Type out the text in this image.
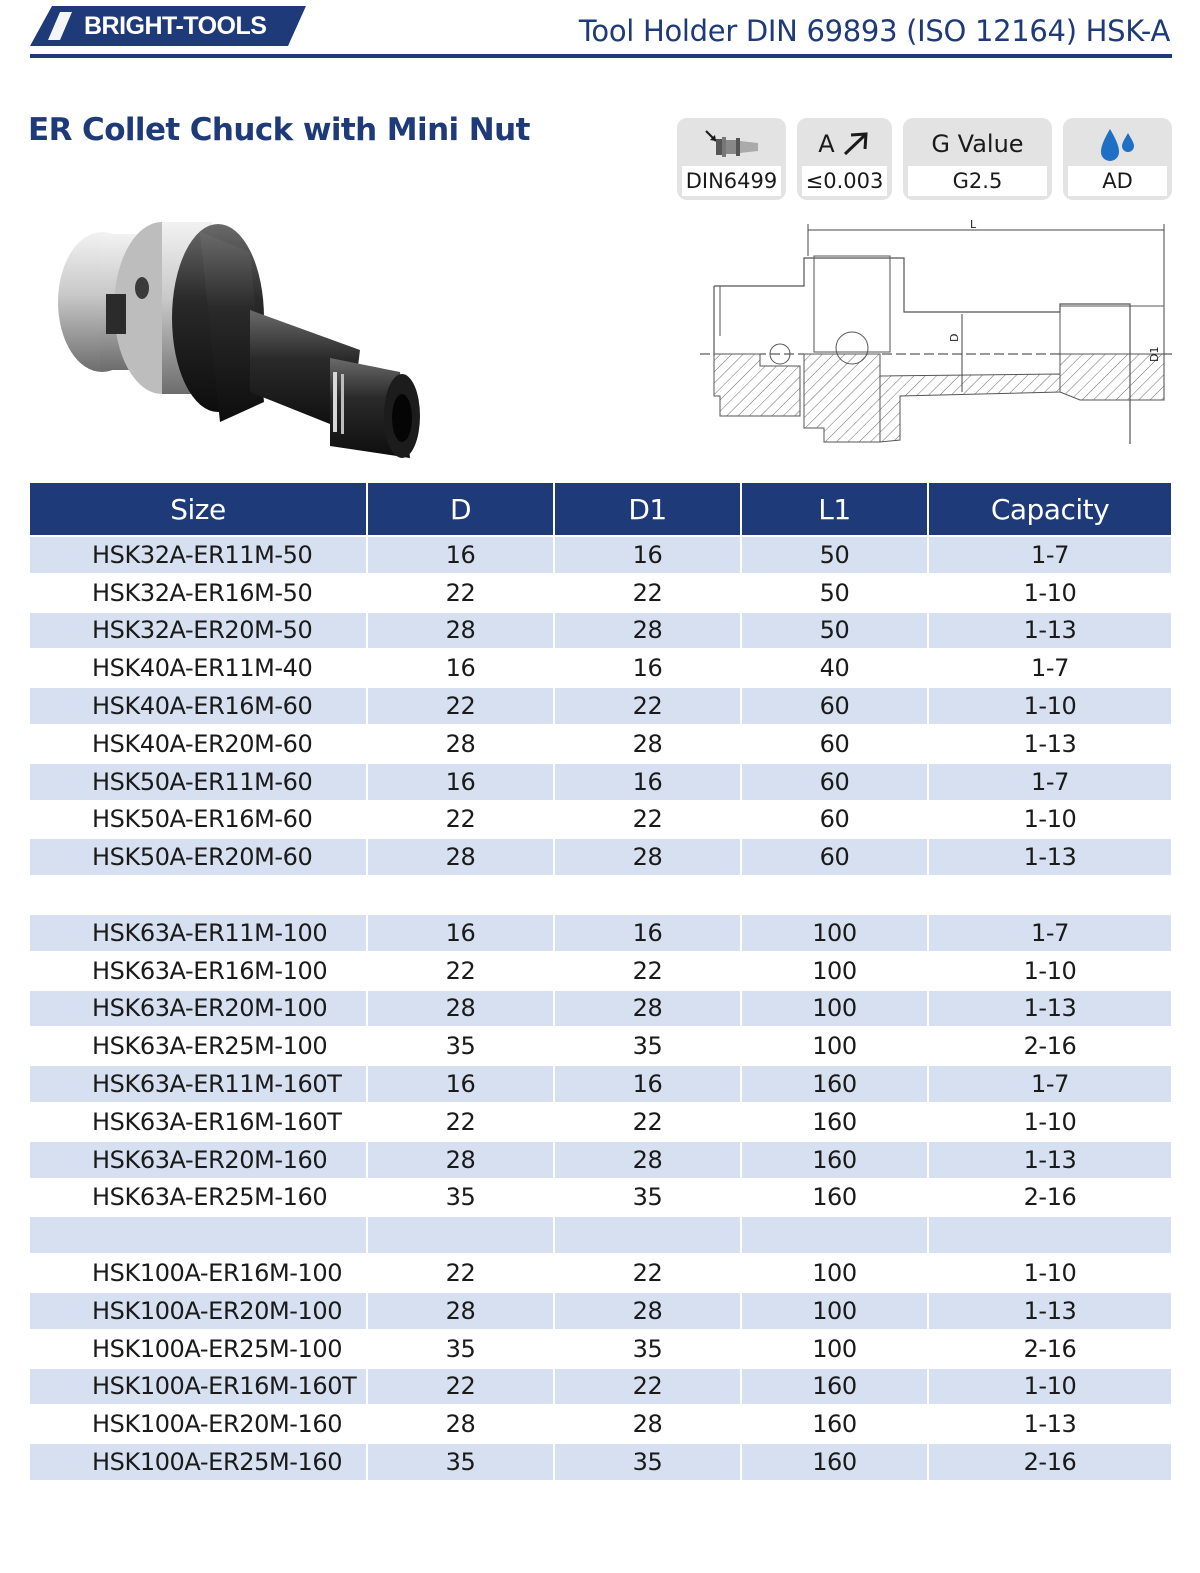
BRIGHT-TOOLS	Tool Holder DIN 69893 (ISO 12164) HSK-A
ER Collet Chuck with Mini Nut
DIN6499
A
≤0.003
G Value
G2.5	AD
L
D
D1
Size	D	D1	L1	Capacity
HSK32A-ER11M-50	16	16	50	1-7
HSK32A-ER16M-50	22	22	50	1-10
HSK32A-ER20M-50	28	28	50	1-13
HSK40A-ER11M-40	16	16	40	1-7
HSK40A-ER16M-60	22	22	60	1-10
HSK40A-ER20M-60	28	28	60	1-13
HSK50A-ER11M-60	16	16	60	1-7
HSK50A-ER16M-60	22	22	60	1-10
HSK50A-ER20M-60	28	28	60	1-13

HSK63A-ER11M-100	16	16	100	1-7
HSK63A-ER16M-100	22	22	100	1-10
HSK63A-ER20M-100	28	28	100	1-13
HSK63A-ER25M-100	35	35	100	2-16
HSK63A-ER11M-160T	16	16	160	1-7
HSK63A-ER16M-160T	22	22	160	1-10
HSK63A-ER20M-160	28	28	160	1-13
HSK63A-ER25M-160	35	35	160	2-16

HSK100A-ER16M-100	22	22	100	1-10
HSK100A-ER20M-100	28	28	100	1-13
HSK100A-ER25M-100	35	35	100	2-16
HSK100A-ER16M-160T	22	22	160	1-10
HSK100A-ER20M-160	28	28	160	1-13
HSK100A-ER25M-160	35	35	160	2-16
